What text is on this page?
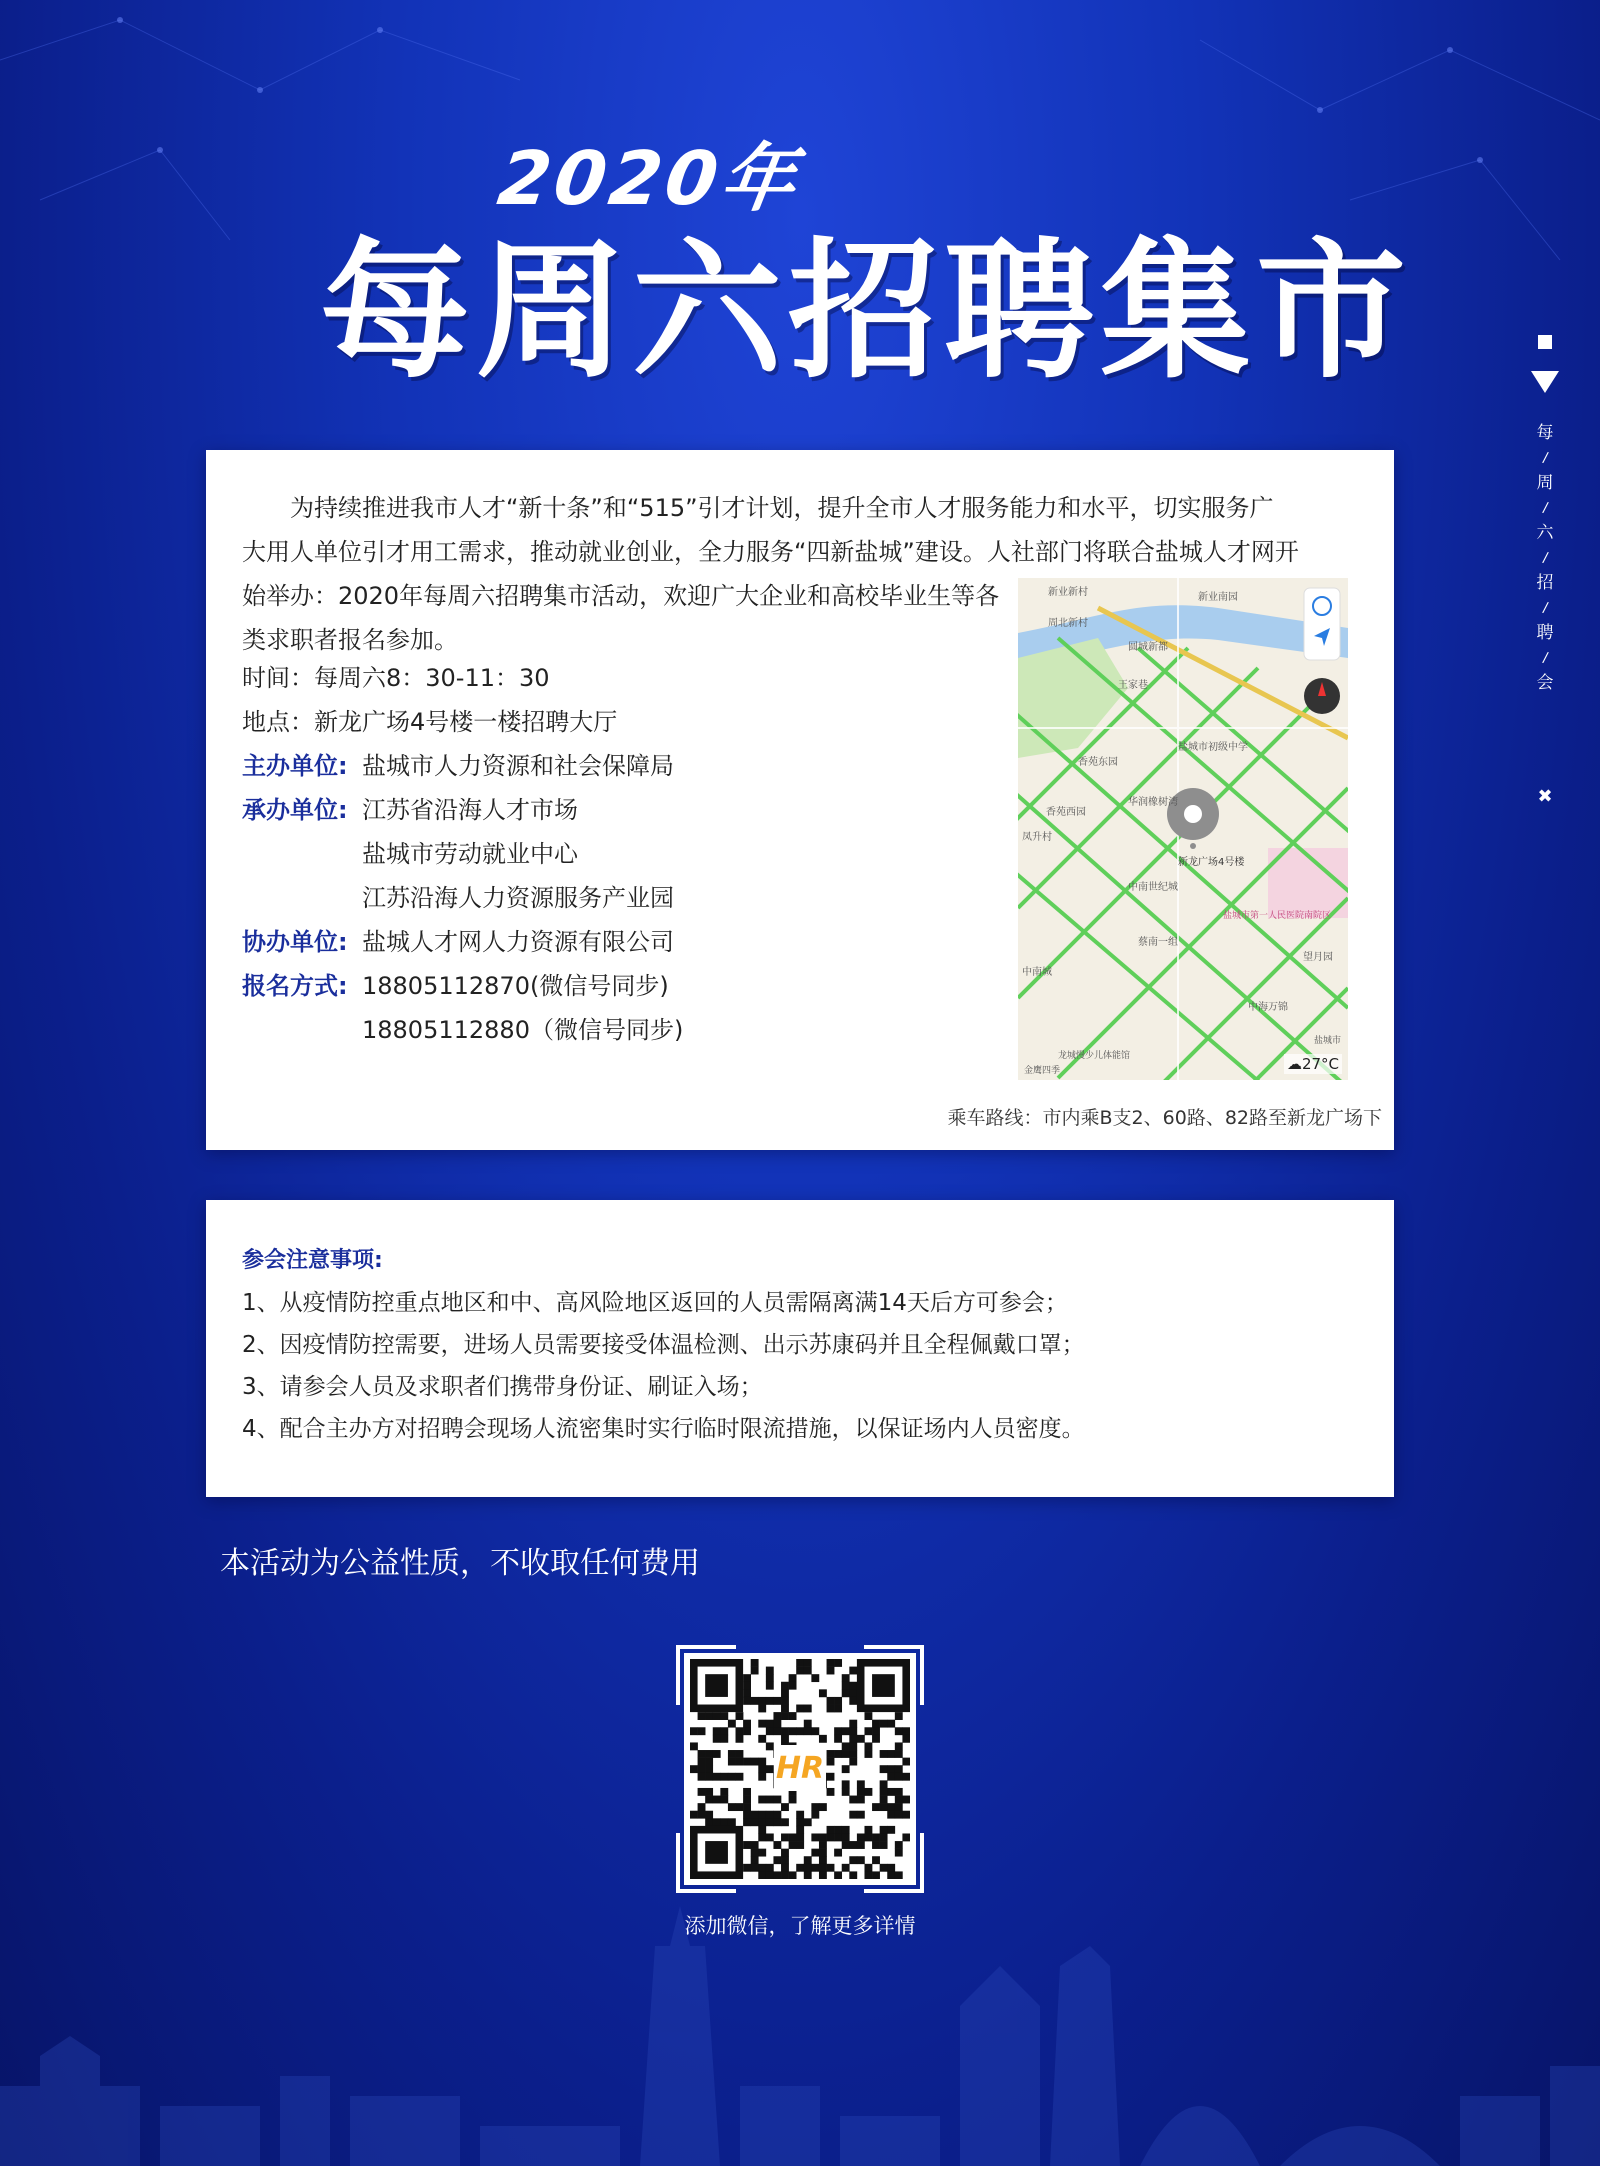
2020年
每周六招聘集市
每
/
周
/
六
/
招
/
聘
/
会
✖

为持续推进我市人才“新十条”和“515”引才计划，提升全市人才服务能力和水平，切实服务广

大用人单位引才用工需求，推动就业创业，全力服务“四新盐城”建设。人社部门将联合盐城人才网开

始举办：2020年每周六招聘集市活动，欢迎广大企业和高校毕业生等各

类求职者报名参加。

时间：每周六8：30-11：30
地点：新龙广场4号楼一楼招聘大厅
主办单位: 盐城市人力资源和社会保障局
承办单位: 江苏省沿海人才市场
盐城市劳动就业中心
江苏沿海人力资源服务产业园
协办单位: 盐城人才网人力资源有限公司
报名方式: 18805112870(微信号同步)
18805112880（微信号同步)
新龙广场4号楼
中南世纪城
盐城市初级中学
香苑东园
华润橡树湾
凤升村
王家巷
新业南园
中南城
盐城市第一人民医院南院区
中海万锦
望月园
龙城慢少儿体能馆
盐城市
周北新村
新业新村
圆城新都
蔡南一组
香苑西园
金鹰四季	☁27°C
乘车路线：市内乘B支2、60路、82路至新龙广场下
参会注意事项:
1、从疫情防控重点地区和中、高风险地区返回的人员需隔离满14天后方可参会；
2、因疫情防控需要，进场人员需要接受体温检测、出示苏康码并且全程佩戴口罩；
3、请参会人员及求职者们携带身份证、刷证入场；
4、配合主办方对招聘会现场人流密集时实行临时限流措施，以保证场内人员密度。
本活动为公益性质，不收取任何费用
HR
添加微信，了解更多详情
